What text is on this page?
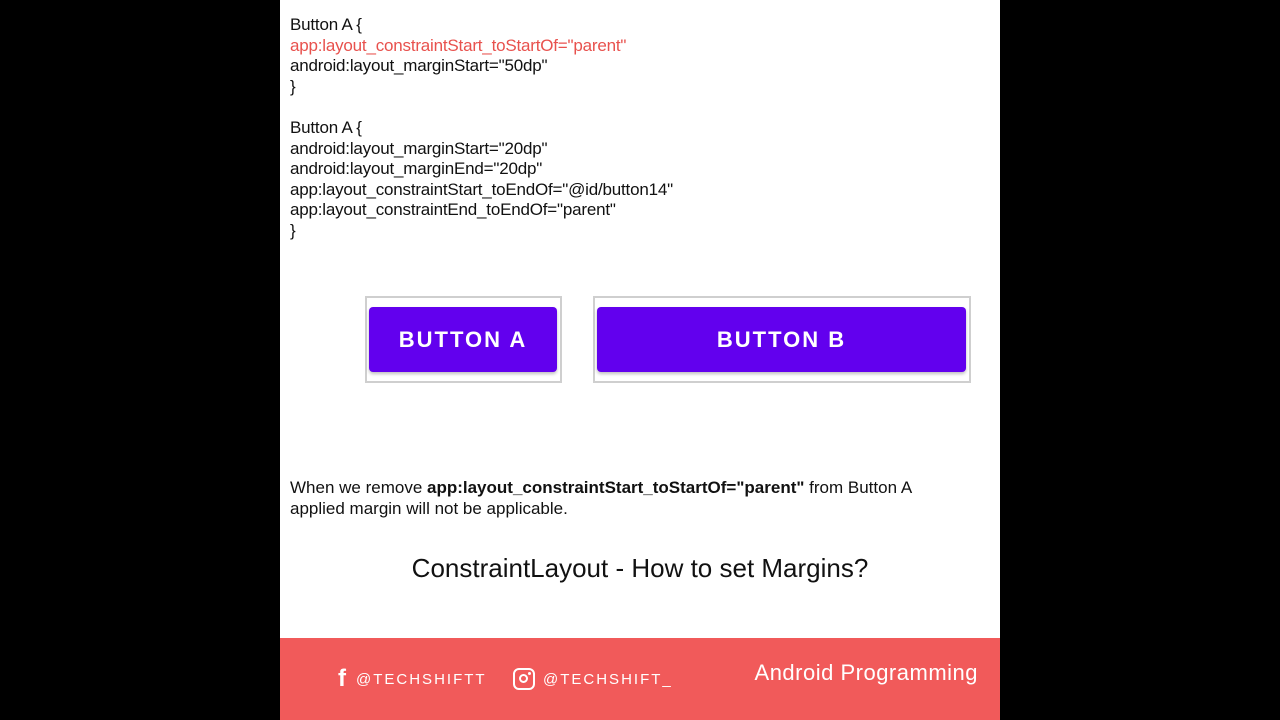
Button A {
app:layout_constraintStart_toStartOf="parent"
android:layout_marginStart="50dp"
}
Button A {
android:layout_marginStart="20dp"
android:layout_marginEnd="20dp"
app:layout_constraintStart_toEndOf="@id/button14"
app:layout_constraintEnd_toEndOf="parent"
}
BUTTON A	BUTTON B
When we remove app:layout_constraintStart_toStartOf="parent" from Button A
applied margin will not be applicable.
ConstraintLayout - How to set Margins?
f @TECHSHIFTT	@TECHSHIFT_	Android Programming
